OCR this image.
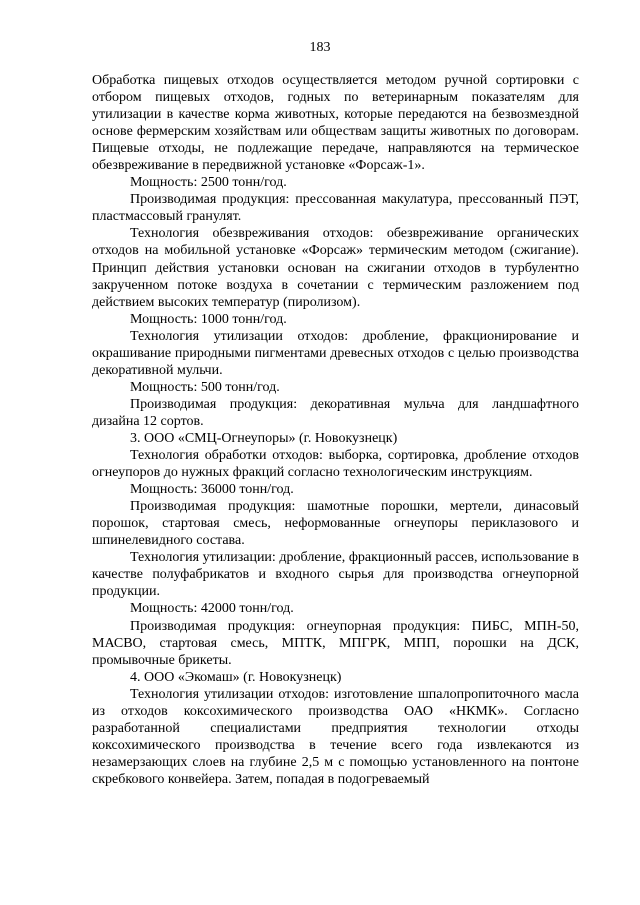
183

Обработка пищевых отходов осуществляется методом ручной сортировки с отбором пищевых отходов, годных по ветеринарным показателям для утилизации в качестве корма животных, которые передаются на безвозмездной основе фермерским хозяйствам или обществам защиты животных по договорам. Пищевые отходы, не подлежащие передаче, направляются на термическое обезвреживание в передвижной установке «Форсаж-1».

Мощность: 2500 тонн/год.

Производимая продукция: прессованная макулатура, прессованный ПЭТ, пластмассовый гранулят.

Технология обезвреживания отходов: обезвреживание органических отходов на мобильной установке «Форсаж» термическим методом (сжигание). Принцип действия установки основан на сжигании отходов в турбулентно закрученном потоке воздуха в сочетании с термическим разложением под действием высоких температур (пиролизом).

Мощность: 1000 тонн/год.

Технология утилизации отходов: дробление, фракционирование и окрашивание природными пигментами древесных отходов с целью производства декоративной мульчи.

Мощность: 500 тонн/год.

Производимая продукция: декоративная мульча для ландшафтного дизайна 12 сортов.

3. ООО «СМЦ-Огнеупоры» (г. Новокузнецк)

Технология обработки отходов: выборка, сортировка, дробление отходов огнеупоров до нужных фракций согласно технологическим инструкциям.

Мощность: 36000 тонн/год.

Производимая продукция: шамотные порошки, мертели, динасовый порошок, стартовая смесь, неформованные огнеупоры периклазового и шпинелевидного состава.

Технология утилизации: дробление, фракционный рассев, использование в качестве полуфабрикатов и входного сырья для производства огнеупорной продукции.

Мощность: 42000 тонн/год.

Производимая продукция: огнеупорная продукция: ПИБС, МПН-50, МАСВО, стартовая смесь, МПТК, МПГРК, МПП, порошки на ДСК, промывочные брикеты.

4. ООО «Экомаш» (г. Новокузнецк)

Технология утилизации отходов: изготовление шпалопропиточного масла из отходов коксохимического производства ОАО «НКМК». Согласно разработанной специалистами предприятия технологии отходы коксохимического производства в течение всего года извлекаются из незамерзающих слоев на глубине 2,5 м с помощью установленного на понтоне скребкового конвейера. Затем, попадая в подогреваемый
